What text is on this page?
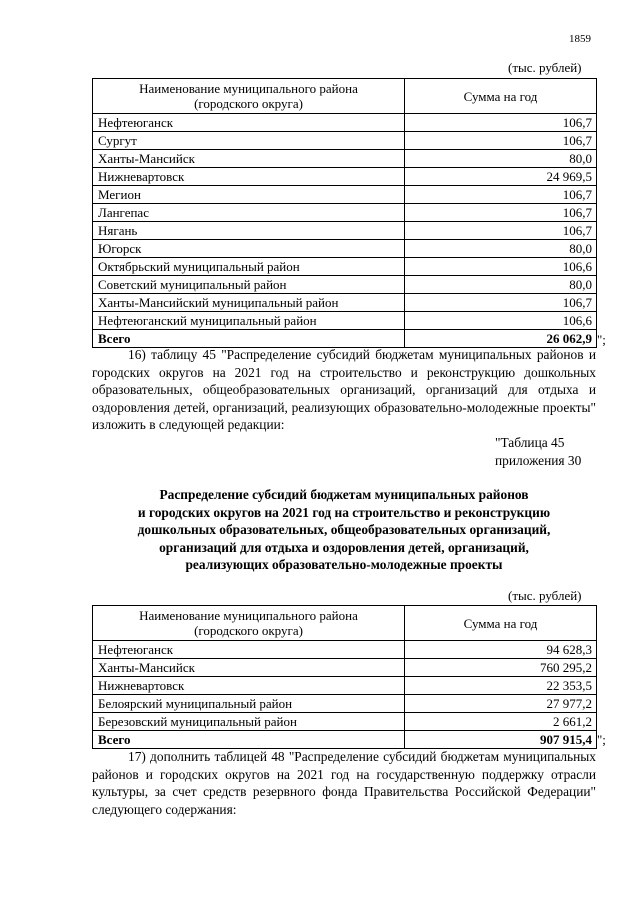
1859
(тыс. рублей)
Наименование муниципального района
(городского округа)	Сумма на год
Нефтеюганск	106,7
Сургут	106,7
Ханты-Мансийск	80,0
Нижневартовск	24 969,5
Мегион	106,7
Лангепас	106,7
Нягань	106,7
Югорск	80,0
Октябрьский муниципальный район	106,6
Советский муниципальный район	80,0
Ханты-Мансийский муниципальный район	106,7
Нефтеюганский муниципальный район	106,6
Всего	26 062,9 ";
16) таблицу 45 "Распределение субсидий бюджетам муниципальных районов и городских округов на 2021 год на строительство и реконструкцию дошкольных образовательных, общеобразовательных организаций, организаций для отдыха и оздоровления детей, организаций, реализующих образовательно-молодежные проекты" изложить в следующей редакции:
"Таблица 45
приложения 30
Распределение субсидий бюджетам муниципальных районов
и городских округов на 2021 год на строительство и реконструкцию
дошкольных образовательных, общеобразовательных организаций,
организаций для отдыха и оздоровления детей, организаций,
реализующих образовательно-молодежные проекты
(тыс. рублей)
Наименование муниципального района
(городского округа)	Сумма на год
Нефтеюганск	94 628,3
Ханты-Мансийск	760 295,2
Нижневартовск	22 353,5
Белоярский муниципальный район	27 977,2
Березовский муниципальный район	2 661,2
Всего	907 915,4 ";
17) дополнить таблицей 48 "Распределение субсидий бюджетам муниципальных районов и городских округов на 2021 год на государственную поддержку отрасли культуры, за счет средств резервного фонда Правительства Российской Федерации" следующего содержания:
